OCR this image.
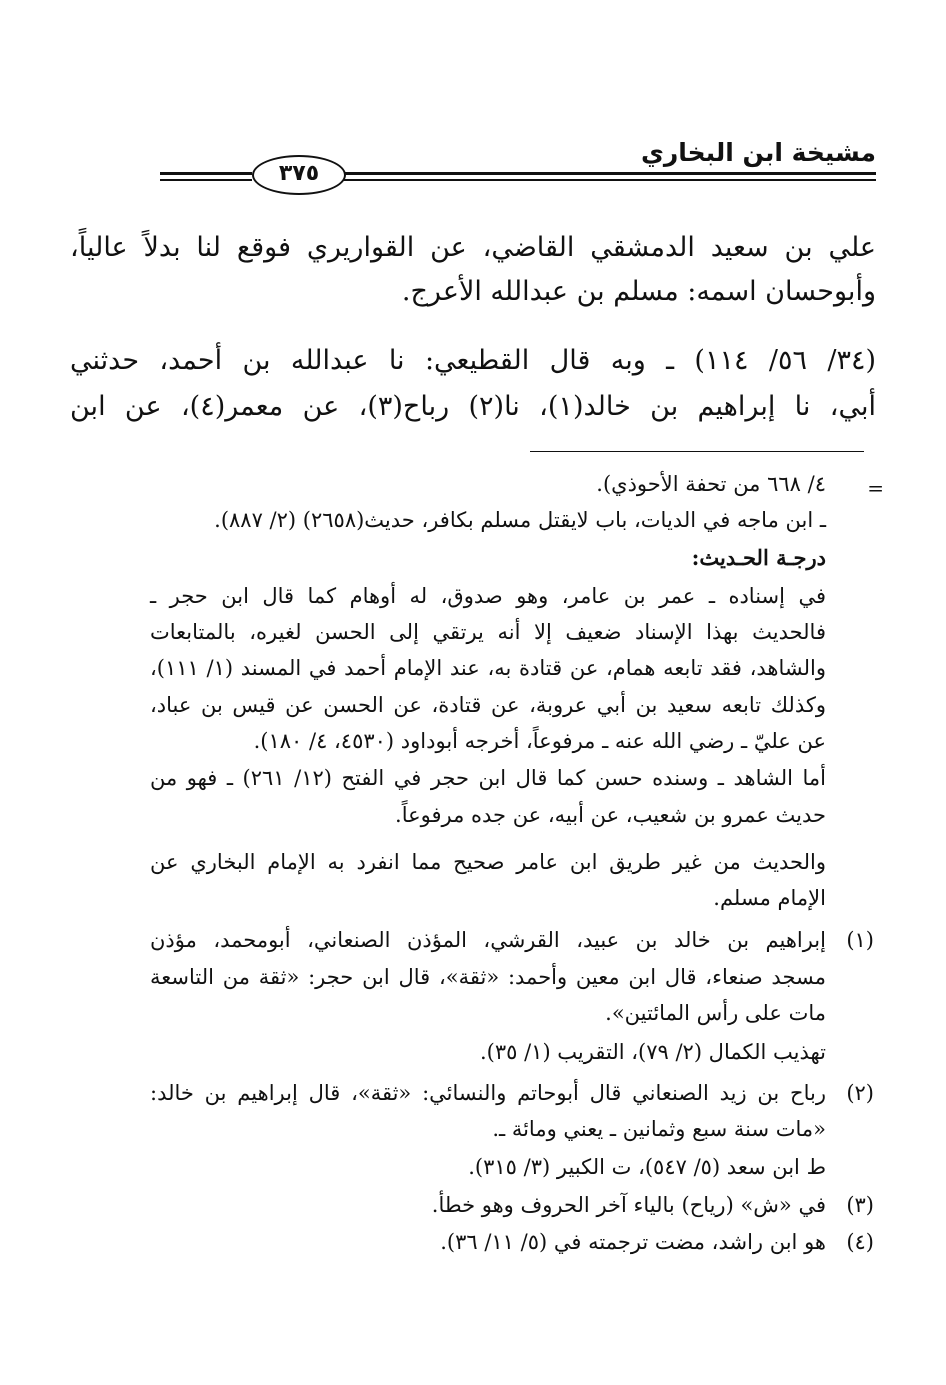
مشيخة ابن البخاري
٣٧٥
علي بن سعيد الدمشقي القاضي، عن القواريري فوقع لنا بدلاً عالياً،
وأبوحسان اسمه: مسلم بن عبدالله الأعرج.
(٣٤/ ٥٦/ ١١٤) ـ وبه قال القطيعي: نا عبدالله بن أحمد، حدثني
أبي، نا إبراهيم بن خالد(١)، نا(٢) رباح(٣)، عن معمر(٤)، عن ابن
=
٤/ ٦٦٨ من تحفة الأحوذي).
ـ ابن ماجه في الديات، باب لايقتل مسلم بكافر، حديث(٢٦٥٨) (٢/ ٨٨٧).
درجـة الحـديث:
في إسناده ـ عمر بن عامر، وهو صدوق، له أوهام كما قال ابن حجر ـ
فالحديث بهذا الإسناد ضعيف إلا أنه يرتقي إلى الحسن لغيره، بالمتابعات
والشاهد، فقد تابعه همام، عن قتادة به، عند الإمام أحمد في المسند (١/ ١١١)،
وكذلك تابعه سعيد بن أبي عروبة، عن قتادة، عن الحسن عن قيس بن عباد،
عن عليّ ـ رضي الله عنه ـ مرفوعاً، أخرجه أبوداود (٤٥٣٠، ٤/ ١٨٠).
أما الشاهد ـ وسنده حسن كما قال ابن حجر في الفتح (١٢/ ٢٦١) ـ فهو من
حديث عمرو بن شعيب، عن أبيه، عن جده مرفوعاً.
والحديث من غير طريق ابن عامر صحيح مما انفرد به الإمام البخاري عن
الإمام مسلم.
(١)
إبراهيم بن خالد بن عبيد، القرشي، المؤذن الصنعاني، أبومحمد، مؤذن
مسجد صنعاء، قال ابن معين وأحمد: «ثقة»، قال ابن حجر: «ثقة من التاسعة
مات على رأس المائتين».
تهذيب الكمال (٢/ ٧٩)، التقريب (١/ ٣٥).
(٢)
رباح بن زيد الصنعاني قال أبوحاتم والنسائي: «ثقة»، قال إبراهيم بن خالد:
«مات سنة سبع وثمانين ـ يعني ومائة ـ.
ط ابن سعد (٥/ ٥٤٧)، ت الكبير (٣/ ٣١٥).
(٣)
في «ش» (رياح) بالياء آخر الحروف وهو خطأ.
(٤)
هو ابن راشد، مضت ترجمته في (٥/ ١١/ ٣٦).
